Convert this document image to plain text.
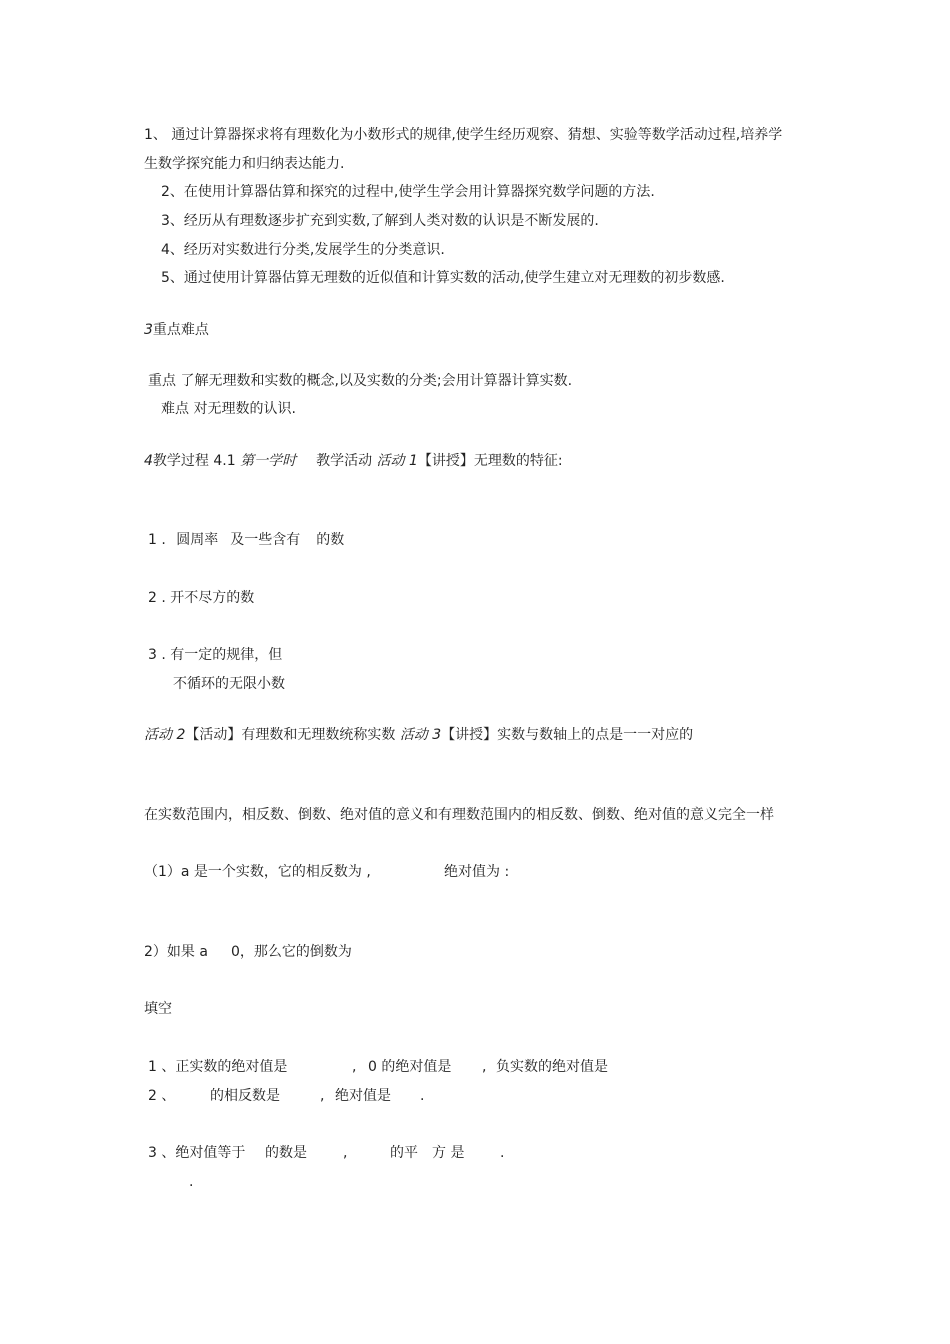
1、 通过计算器探求将有理数化为小数形式的规律,使学生经历观察、猜想、实验等数学活动过程,培养学
生数学探究能力和归纳表达能力.
2、在使用计算器估算和探究的过程中,使学生学会用计算器探究数学问题的方法.
3、经历从有理数逐步扩充到实数,了解到人类对数的认识是不断发展的.
4、经历对实数进行分类,发展学生的分类意识.
5、通过使用计算器估算无理数的近似值和计算实数的活动,使学生建立对无理数的初步数感.
3重点难点
重点 了解无理数和实数的概念,以及实数的分类;会用计算器计算实数.
难点 对无理数的认识.
4教学过程 4.1 第一学时 教学活动 活动 1【讲授】无理数的特征:
1 . 圆周率 及一些含有 的数
2 . 开不尽方的数
3 . 有一定的规律，但
不循环的无限小数
活动 2【活动】有理数和无理数统称实数 活动 3【讲授】实数与数轴上的点是一一对应的
在实数范围内，相反数、倒数、绝对值的意义和有理数范围内的相反数、倒数、绝对值的意义完全一样
（1）a 是一个实数，它的相反数为 ,	绝对值为 :
2）如果 a 0，那么它的倒数为
填空
1 、正实数的绝对值是	, 0 的绝对值是 , 负实数的绝对值是
2 、 的相反数是	, 绝对值是 .
3 、绝对值等于 的数是	,	的平 方 是	.
.
